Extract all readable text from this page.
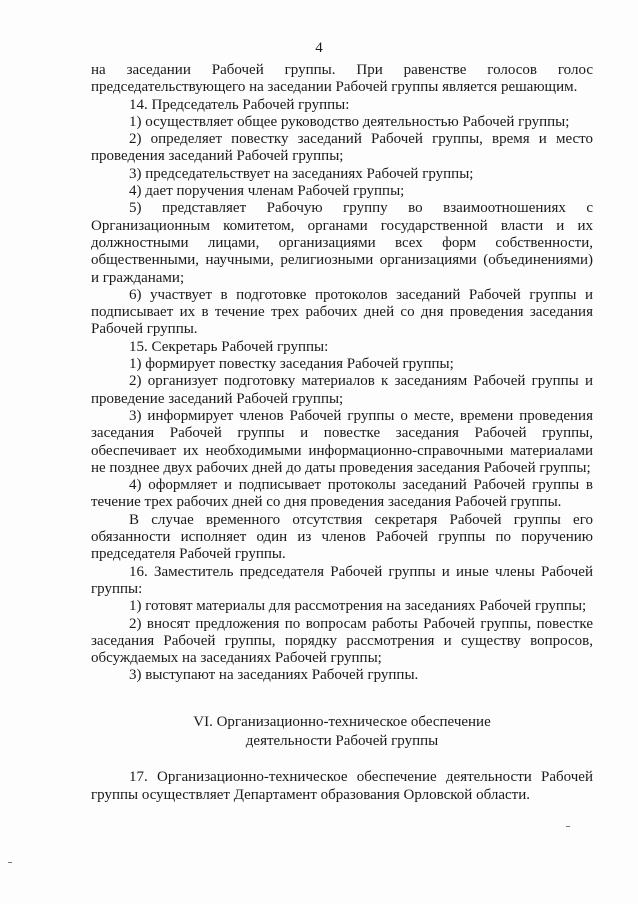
4

на заседании Рабочей группы. При равенстве голосов голос председательствующего на заседании Рабочей группы является решающим.

14. Председатель Рабочей группы:

1) осуществляет общее руководство деятельностью Рабочей группы;

2) определяет повестку заседаний Рабочей группы, время и место проведения заседаний Рабочей группы;

3) председательствует на заседаниях Рабочей группы;

4) дает поручения членам Рабочей группы;

5) представляет Рабочую группу во взаимоотношениях с Организационным комитетом, органами государственной власти и их должностными лицами, организациями всех форм собственности, общественными, научными, религиозными организациями (объединениями) и гражданами;

6) участвует в подготовке протоколов заседаний Рабочей группы и подписывает их в течение трех рабочих дней со дня проведения заседания Рабочей группы.

15. Секретарь Рабочей группы:

1) формирует повестку заседания Рабочей группы;

2) организует подготовку материалов к заседаниям Рабочей группы и проведение заседаний Рабочей группы;

3) информирует членов Рабочей группы о месте, времени проведения заседания Рабочей группы и повестке заседания Рабочей группы, обеспечивает их необходимыми информационно-справочными материалами не позднее двух рабочих дней до даты проведения заседания Рабочей группы;

4) оформляет и подписывает протоколы заседаний Рабочей группы в течение трех рабочих дней со дня проведения заседания Рабочей группы.

В случае временного отсутствия секретаря Рабочей группы его обязанности исполняет один из членов Рабочей группы по поручению председателя Рабочей группы.

16. Заместитель председателя Рабочей группы и иные члены Рабочей группы:

1) готовят материалы для рассмотрения на заседаниях Рабочей группы;

2) вносят предложения по вопросам работы Рабочей группы, повестке заседания Рабочей группы, порядку рассмотрения и существу вопросов, обсуждаемых на заседаниях Рабочей группы;

3) выступают на заседаниях Рабочей группы.

VI. Организационно-техническое обеспечение
деятельности Рабочей группы

17. Организационно-техническое обеспечение деятельности Рабочей группы осуществляет Департамент образования Орловской области.
